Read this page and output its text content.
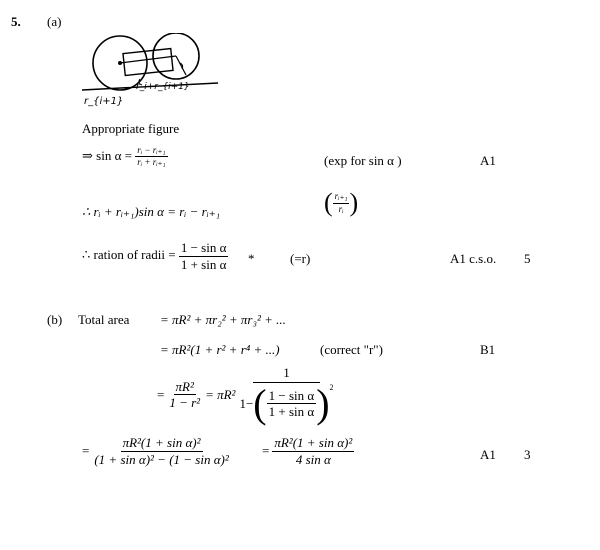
5. (a)
r_{i+1}
r_i+r_{i+1}
Appropriate figure
⇒ $\sin \alpha = \frac{\text{rᵢ − rᵢ₊₁}}{\text{rᵢ + rᵢ₊₁}}$	(exp for sin α )	A1
∴ rᵢ + rᵢ₊₁)sin α = rᵢ − rᵢ₊₁	( $\frac{\text{rᵢ₊₁}}{\text{rᵢ}}$ )
∴ ration of radii = $\frac{\text{1 − sin α}}{\text{1 + sin α}}$ *	(=r)	A1 c.s.o. 5
(b) Total area = πR² + πr₂² + πr₃² + ...
= πR²(1 + r² + r⁴ + ...)	(correct "r")	B1
= $\frac{\text{πR²}}{\text{1 − r²}} = \pi R^2$
1
1− ( $\frac{\text{1 − sin α}}{\text{1 + sin α}} )^2$
= $\frac{\text{πR²(1 + sin α)²}}{\text{(1 + sin α)² − (1 − sin α)²}} = \frac{\text{πR²(1 + sin α)²}}{\text{4 sin α}}$	A1 3
